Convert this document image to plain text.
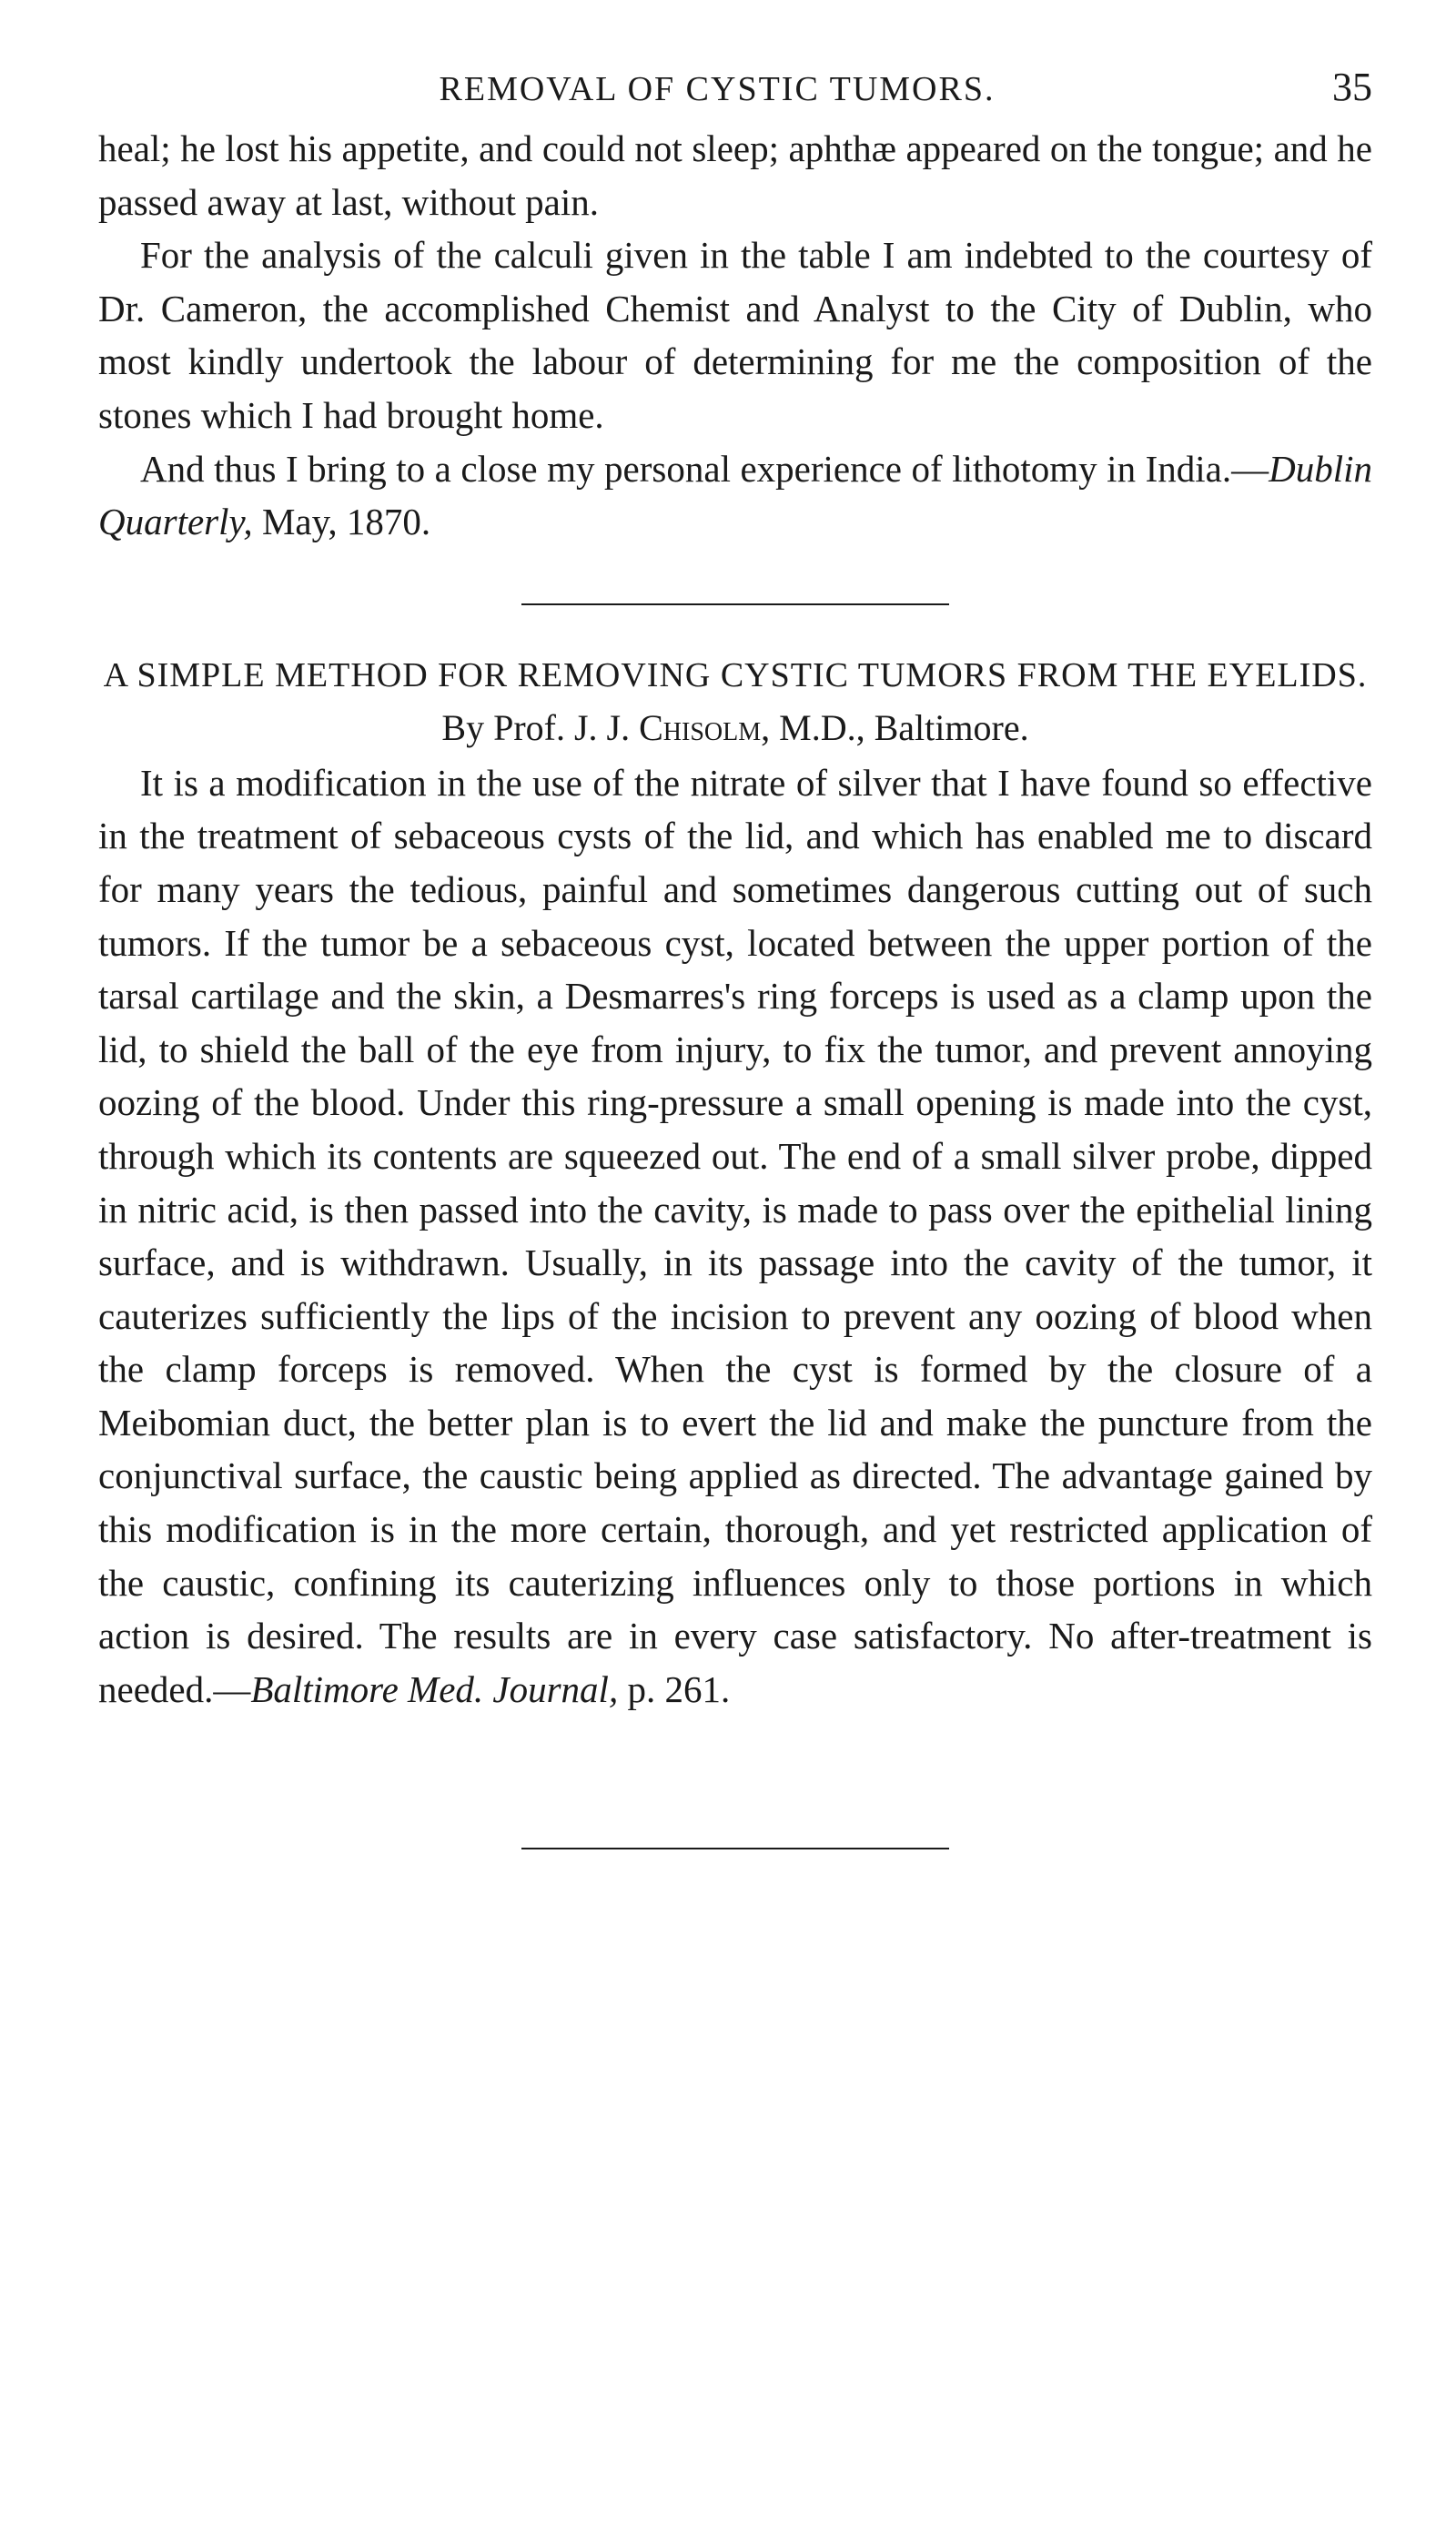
REMOVAL OF CYSTIC TUMORS.	35

heal; he lost his appetite, and could not sleep; aphthæ appeared on the tongue; and he passed away at last, without pain.

For the analysis of the calculi given in the table I am indebted to the courtesy of Dr. Cameron, the accomplished Chemist and Analyst to the City of Dublin, who most kindly undertook the labour of determining for me the composition of the stones which I had brought home.

And thus I bring to a close my personal experience of lithotomy in India.—Dublin Quarterly, May, 1870.

A SIMPLE METHOD FOR REMOVING CYSTIC TUMORS FROM THE EYELIDS.
By Prof. J. J. Chisolm, M.D., Baltimore.

It is a modification in the use of the nitrate of silver that I have found so effective in the treatment of sebaceous cysts of the lid, and which has enabled me to discard for many years the tedious, painful and sometimes dangerous cutting out of such tumors. If the tumor be a sebaceous cyst, located between the upper portion of the tarsal cartilage and the skin, a Desmarres's ring forceps is used as a clamp upon the lid, to shield the ball of the eye from injury, to fix the tumor, and prevent annoying oozing of the blood. Under this ring-pressure a small opening is made into the cyst, through which its contents are squeezed out. The end of a small silver probe, dipped in nitric acid, is then passed into the cavity, is made to pass over the epithelial lining surface, and is withdrawn. Usually, in its passage into the cavity of the tumor, it cauterizes sufficiently the lips of the incision to prevent any oozing of blood when the clamp forceps is removed. When the cyst is formed by the closure of a Meibomian duct, the better plan is to evert the lid and make the puncture from the conjunctival surface, the caustic being applied as directed. The advantage gained by this modification is in the more certain, thorough, and yet restricted application of the caustic, confining its cauterizing influences only to those portions in which action is desired. The results are in every case satisfactory. No after-treatment is needed.—Baltimore Med. Journal, p. 261.
